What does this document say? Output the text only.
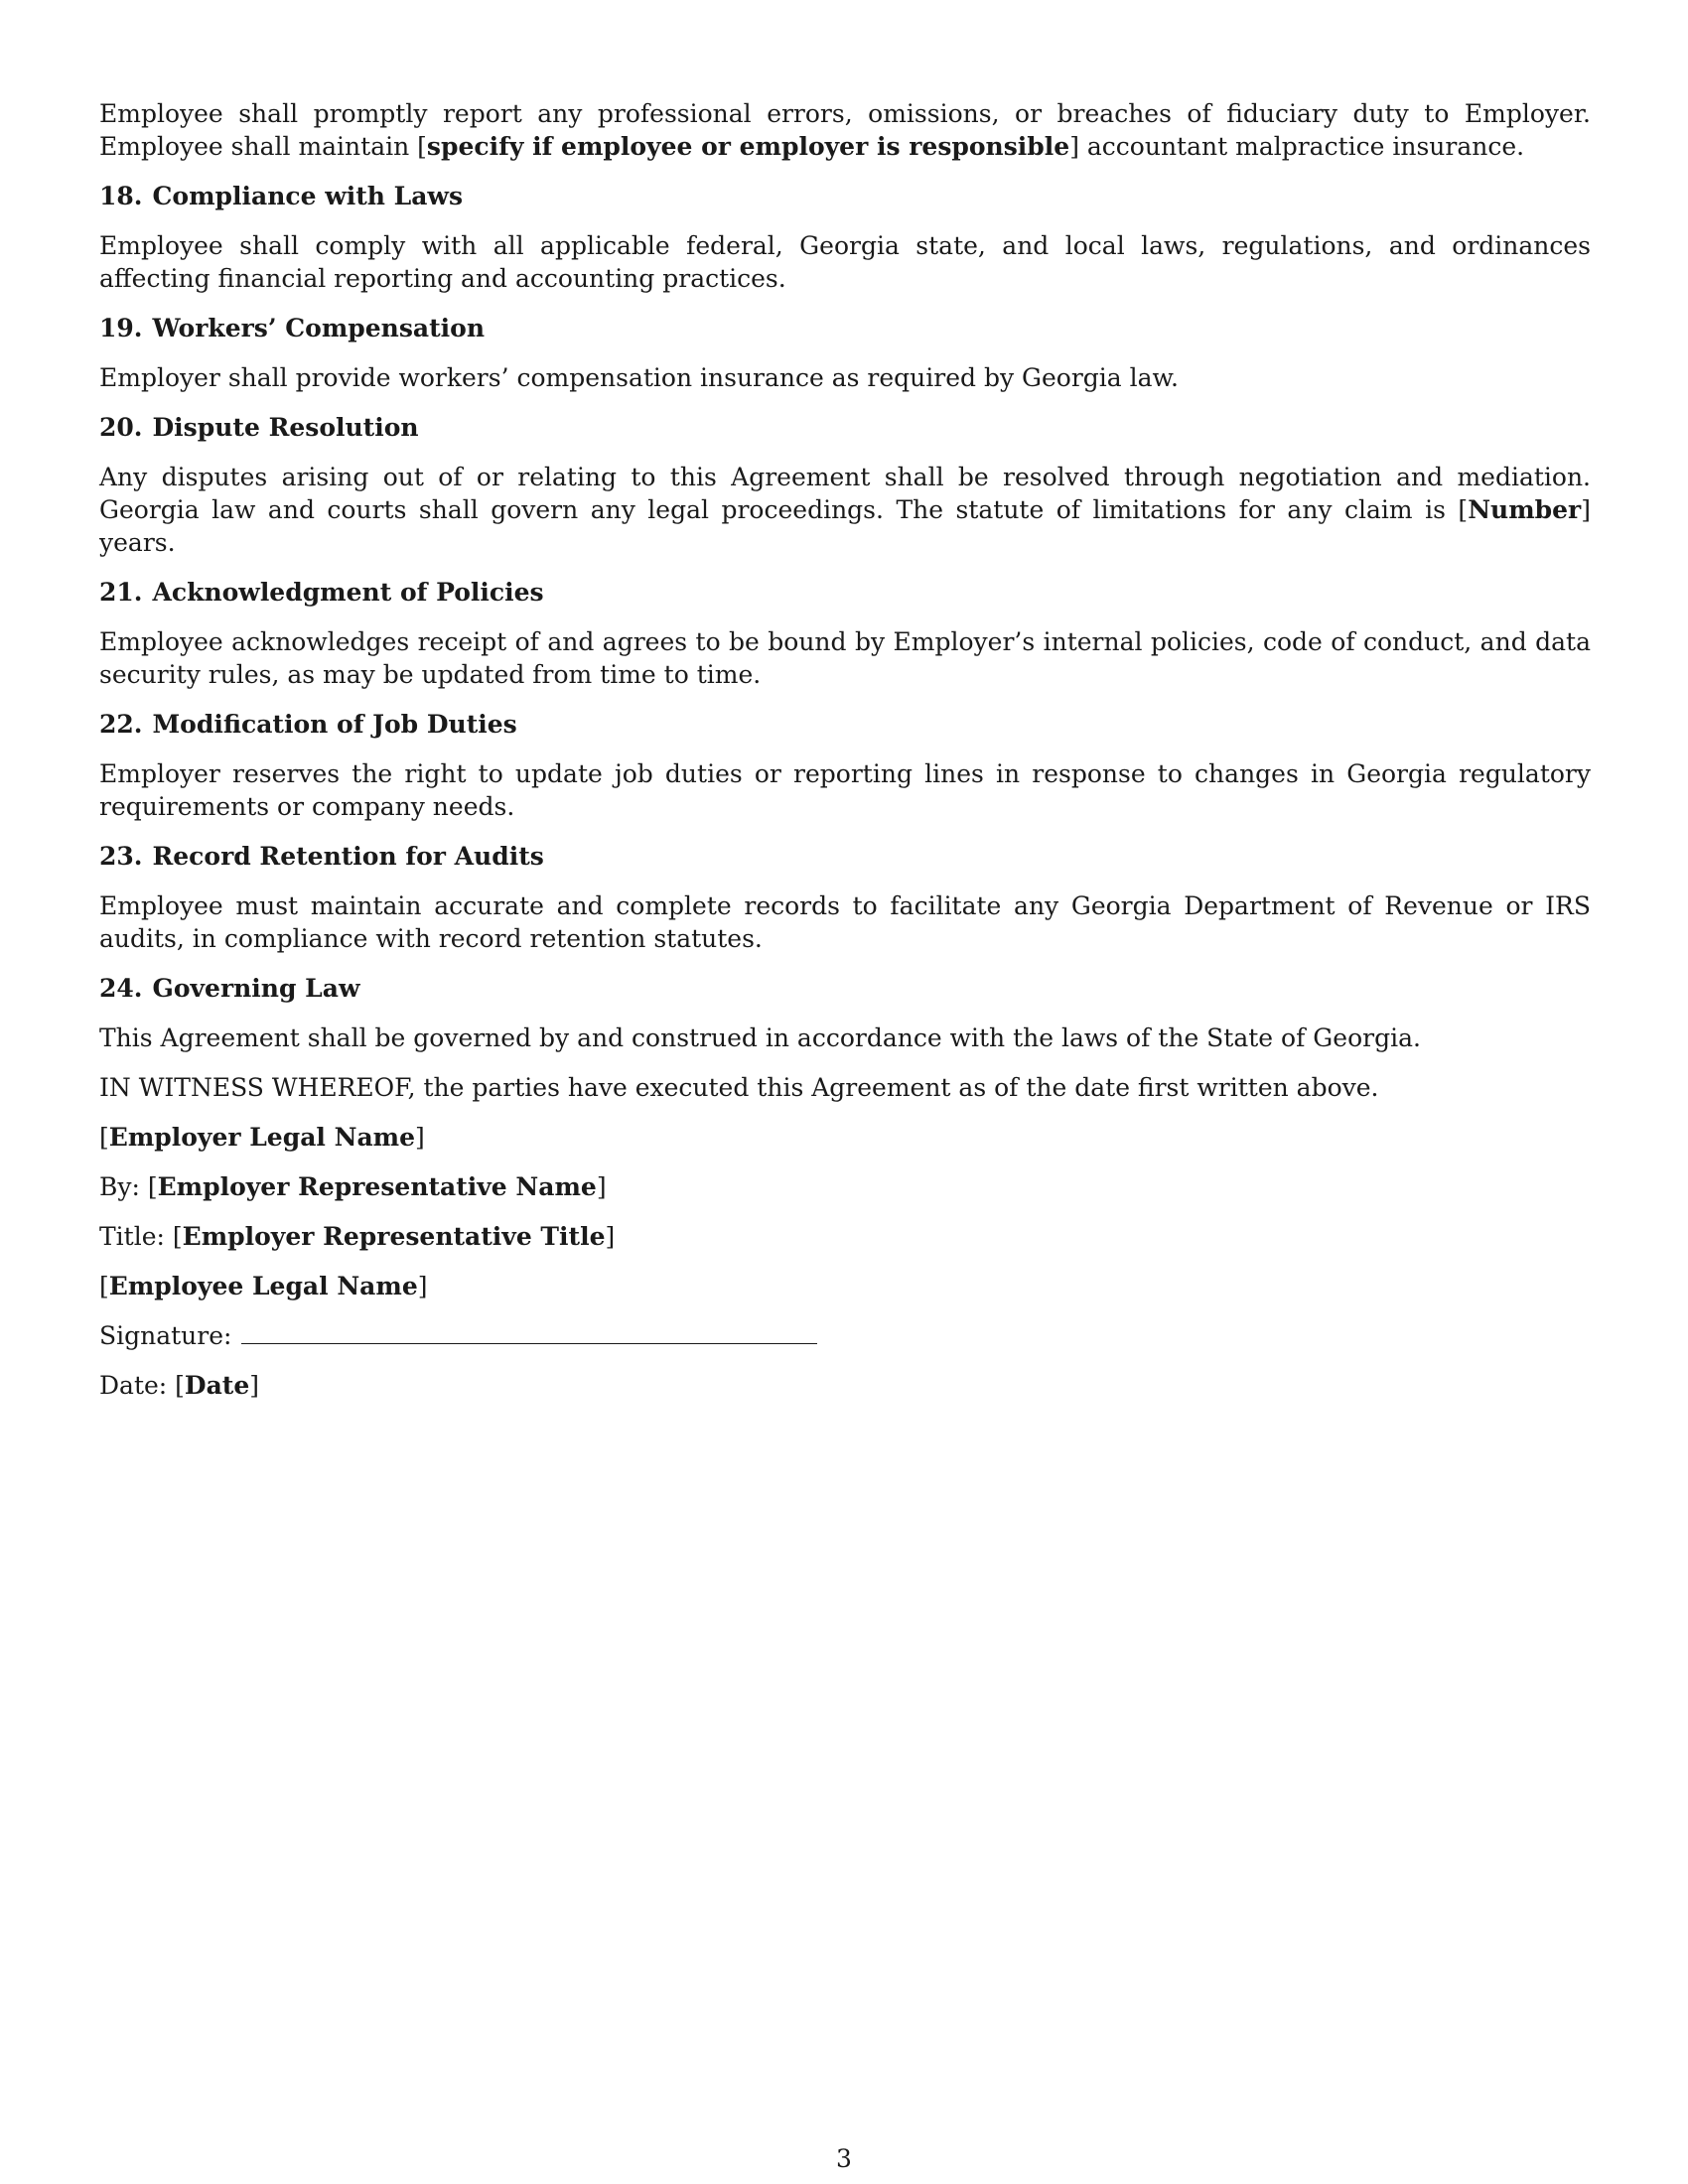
Employee shall promptly report any professional errors, omissions, or breaches of fiduciary duty to Employer. Employee shall maintain [specify if employee or employer is responsible] accountant malpractice insurance.

18. Compliance with Laws

Employee shall comply with all applicable federal, Georgia state, and local laws, regulations, and ordinances affecting financial reporting and accounting practices.

19. Workers’ Compensation

Employer shall provide workers’ compensation insurance as required by Georgia law.

20. Dispute Resolution

Any disputes arising out of or relating to this Agreement shall be resolved through negotiation and mediation. Georgia law and courts shall govern any legal proceedings. The statute of limitations for any claim is [Number] years.

21. Acknowledgment of Policies

Employee acknowledges receipt of and agrees to be bound by Employer’s internal policies, code of conduct, and data security rules, as may be updated from time to time.

22. Modification of Job Duties

Employer reserves the right to update job duties or reporting lines in response to changes in Georgia regulatory requirements or company needs.

23. Record Retention for Audits

Employee must maintain accurate and complete records to facilitate any Georgia Department of Revenue or IRS audits, in compliance with record retention statutes.

24. Governing Law

This Agreement shall be governed by and construed in accordance with the laws of the State of Georgia.

IN WITNESS WHEREOF, the parties have executed this Agreement as of the date first written above.

[Employer Legal Name]

By: [Employer Representative Name]

Title: [Employer Representative Title]

[Employee Legal Name]

Signature:

Date: [Date]

3
